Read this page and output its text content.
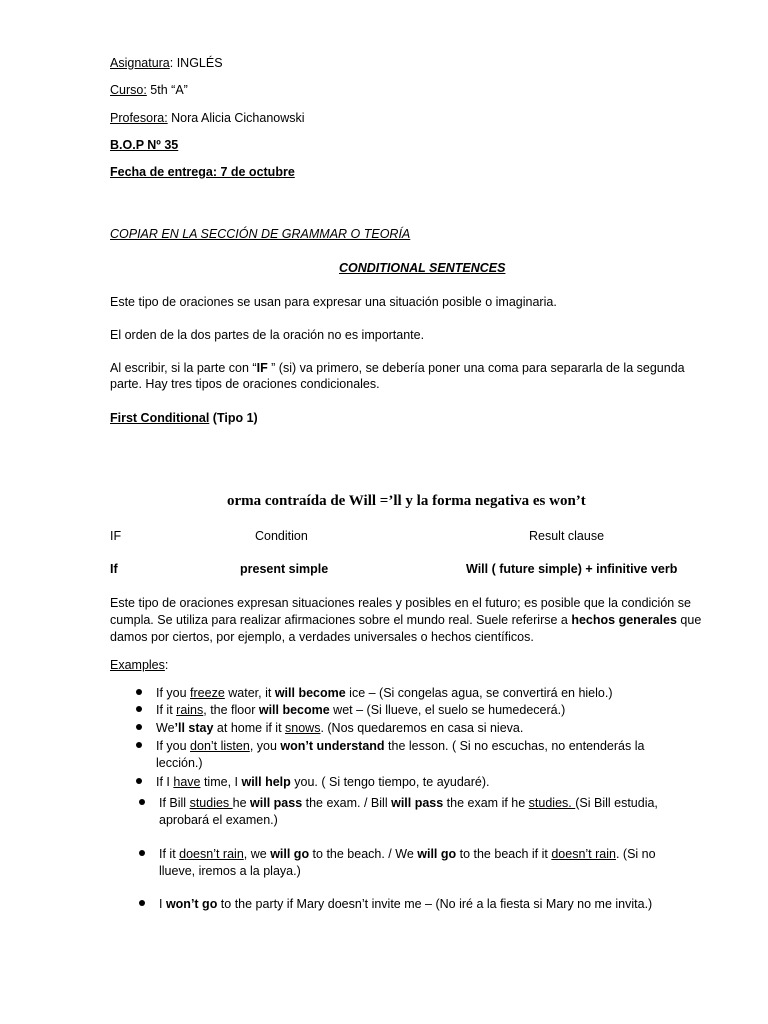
Asignatura: INGLÉS
Curso: 5th “A”
Profesora: Nora Alicia Cichanowski
B.O.P Nº 35
Fecha de entrega: 7 de octubre
COPIAR EN LA SECCIÓN DE GRAMMAR O TEORÍA
CONDITIONAL SENTENCES
Este tipo de oraciones se usan para expresar una situación posible o imaginaria.
El orden de la dos partes de la oración no es importante.
Al escribir, si la parte con “IF ” (si) va primero, se debería poner una coma para separarla de la segunda
parte. Hay tres tipos de oraciones condicionales.
First Conditional (Tipo 1)
orma contraída de Will =’ll y la forma negativa es won’t
IF	Condition	Result clause
If	present simple	Will ( future simple) + infinitive verb
Este tipo de oraciones expresan situaciones reales y posibles en el futuro; es posible que la condición se
cumpla. Se utiliza para realizar afirmaciones sobre el mundo real. Suele referirse a hechos generales que
damos por ciertos, por ejemplo, a verdades universales o hechos científicos.
Examples:
If you freeze water, it will become ice – (Si congelas agua, se convertirá en hielo.)
If it rains, the floor will become wet – (Si llueve, el suelo se humedecerá.)
We’ll stay at home if it snows. (Nos quedaremos en casa si nieva.
If you don’t listen, you won’t understand the lesson. ( Si no escuchas, no entenderás la
lección.)
If I have time, I will help you. ( Si tengo tiempo, te ayudaré).
If Bill studies he will pass the exam. / Bill will pass the exam if he studies. (Si Bill estudia,
aprobará el examen.)
If it doesn’t rain, we will go to the beach. / We will go to the beach if it doesn’t rain. (Si no
llueve, iremos a la playa.)
I won’t go to the party if Mary doesn’t invite me – (No iré a la fiesta si Mary no me invita.)
